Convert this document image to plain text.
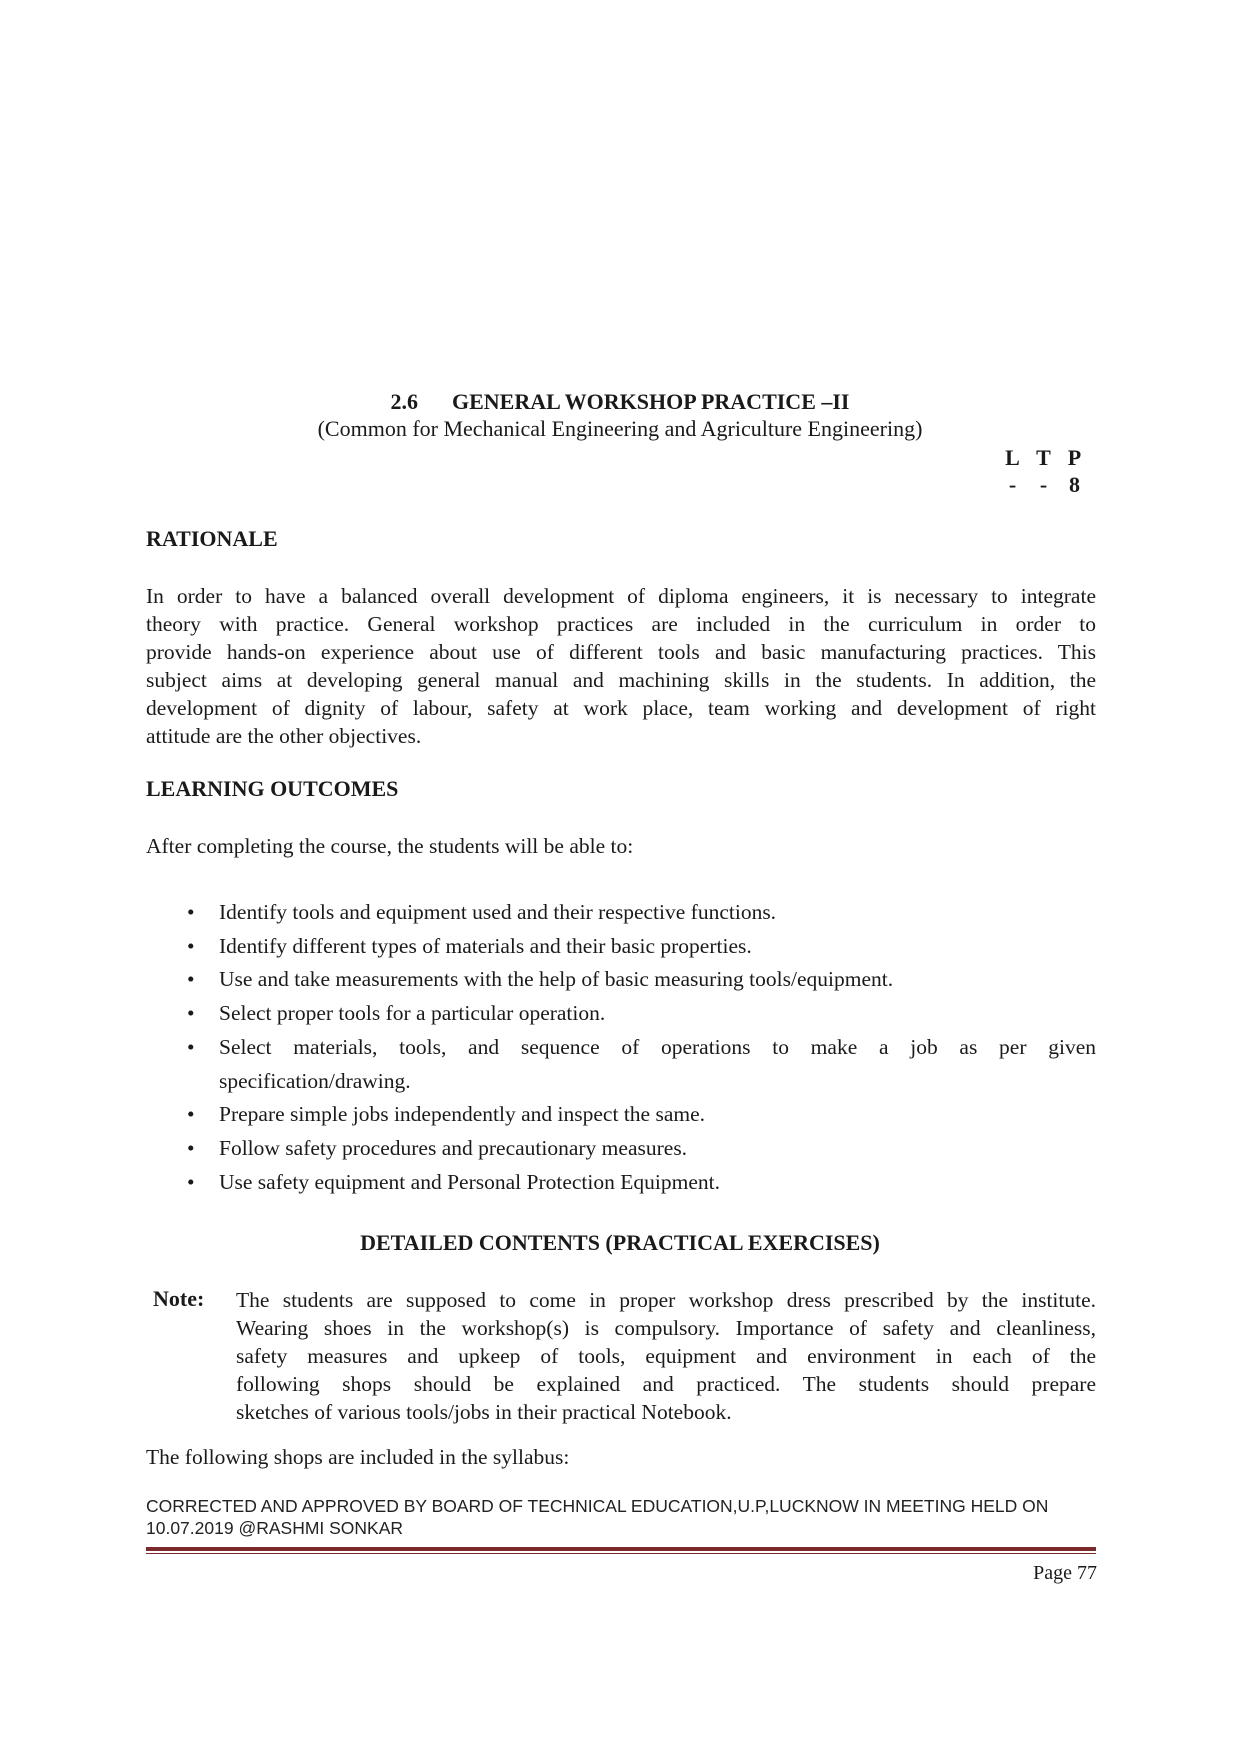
2.6 GENERAL WORKSHOP PRACTICE –II
(Common for Mechanical Engineering and Agriculture Engineering)
L T P
- - 8
RATIONALE
In order to have a balanced overall development of diploma engineers, it is necessary to integrate
theory with practice. General workshop practices are included in the curriculum in order to
provide hands-on experience about use of different tools and basic manufacturing practices. This
subject aims at developing general manual and machining skills in the students. In addition, the
development of dignity of labour, safety at work place, team working and development of right
attitude are the other objectives.
LEARNING OUTCOMES
After completing the course, the students will be able to:
• Identify tools and equipment used and their respective functions.
• Identify different types of materials and their basic properties.
• Use and take measurements with the help of basic measuring tools/equipment.
• Select proper tools for a particular operation.
• Select materials, tools, and sequence of operations to make a job as per given
specification/drawing.
• Prepare simple jobs independently and inspect the same.
• Follow safety procedures and precautionary measures.
• Use safety equipment and Personal Protection Equipment.
DETAILED CONTENTS (PRACTICAL EXERCISES)
Note: The students are supposed to come in proper workshop dress prescribed by the institute.
Wearing shoes in the workshop(s) is compulsory. Importance of safety and cleanliness,
safety measures and upkeep of tools, equipment and environment in each of the
following shops should be explained and practiced. The students should prepare
sketches of various tools/jobs in their practical Notebook.
The following shops are included in the syllabus:
CORRECTED AND APPROVED BY BOARD OF TECHNICAL EDUCATION,U.P,LUCKNOW IN MEETING HELD ON
10.07.2019 @RASHMI SONKAR
Page 77
